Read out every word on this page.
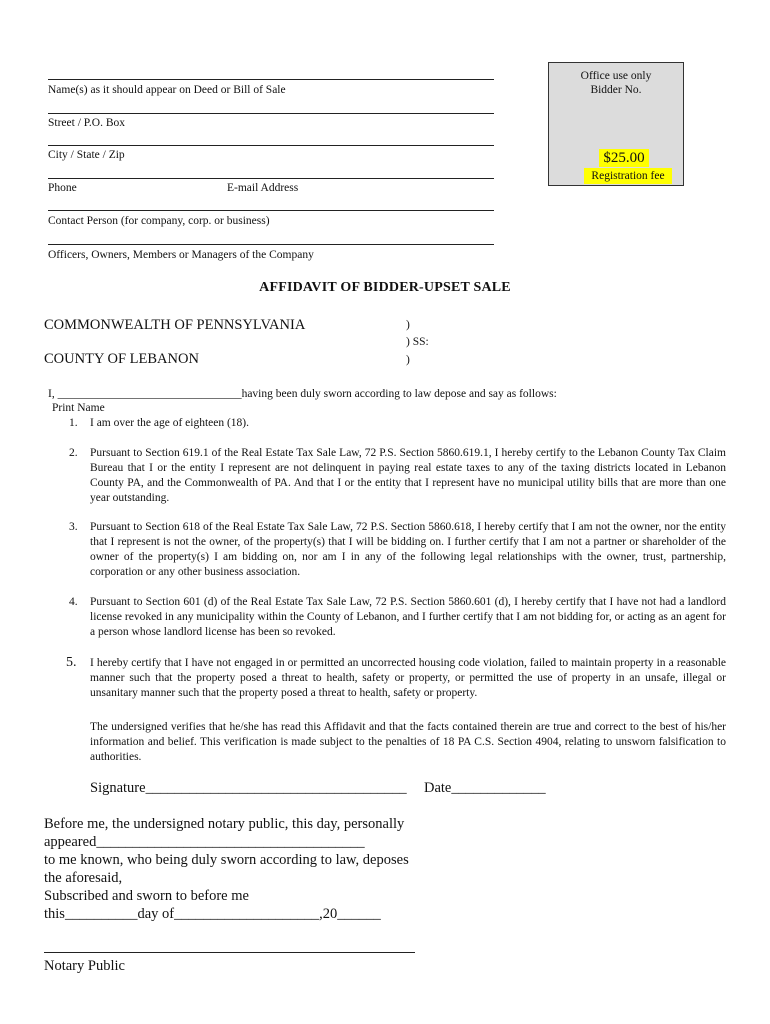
Name(s) as it should appear on Deed or Bill of Sale
Street / P.O. Box
City / State / Zip
Phone	E-mail Address
Contact Person (for company, corp. or business)
Officers, Owners, Members or Managers of the Company
Office use only
Bidder No.
$25.00
Registration fee
AFFIDAVIT OF BIDDER-UPSET SALE
COMMONWEALTH OF PENNSYLVANIA
COUNTY OF LEBANON
)
) SS:
)
I, ________________________________having been duly sworn according to law depose and say as follows:
Print Name
1. I am over the age of eighteen (18).
2. Pursuant to Section 619.1 of the Real Estate Tax Sale Law, 72 P.S. Section 5860.619.1, I hereby certify to the Lebanon County Tax Claim Bureau that I or the entity I represent are not delinquent in paying real estate taxes to any of the taxing districts located in Lebanon County PA, and the Commonwealth of PA. And that I or the entity that I represent have no municipal utility bills that are more than one year outstanding.
3. Pursuant to Section 618 of the Real Estate Tax Sale Law, 72 P.S. Section 5860.618, I hereby certify that I am not the owner, nor the entity that I represent is not the owner, of the property(s) that I will be bidding on. I further certify that I am not a partner or shareholder of the owner of the property(s) I am bidding on, nor am I in any of the following legal relationships with the owner, trust, partnership, corporation or any other business association.
4. Pursuant to Section 601 (d) of the Real Estate Tax Sale Law, 72 P.S. Section 5860.601 (d), I hereby certify that I have not had a landlord license revoked in any municipality within the County of Lebanon, and I further certify that I am not bidding for, or acting as an agent for a person whose landlord license has been so revoked.
5. I hereby certify that I have not engaged in or permitted an uncorrected housing code violation, failed to maintain property in a reasonable manner such that the property posed a threat to health, safety or property, or permitted the use of property in an unsafe, illegal or unsanitary manner such that the property posed a threat to health, safety or property.
The undersigned verifies that he/she has read this Affidavit and that the facts contained therein are true and correct to the best of his/her information and belief. This verification is made subject to the penalties of 18 PA C.S. Section 4904, relating to unsworn falsification to authorities.
Signature____________________________________ Date_____________
Before me, the undersigned notary public, this day, personally
appeared_____________________________________
to me known, who being duly sworn according to law, deposes
the aforesaid,
Subscribed and sworn to before me
this__________day of____________________,20______
Notary Public
